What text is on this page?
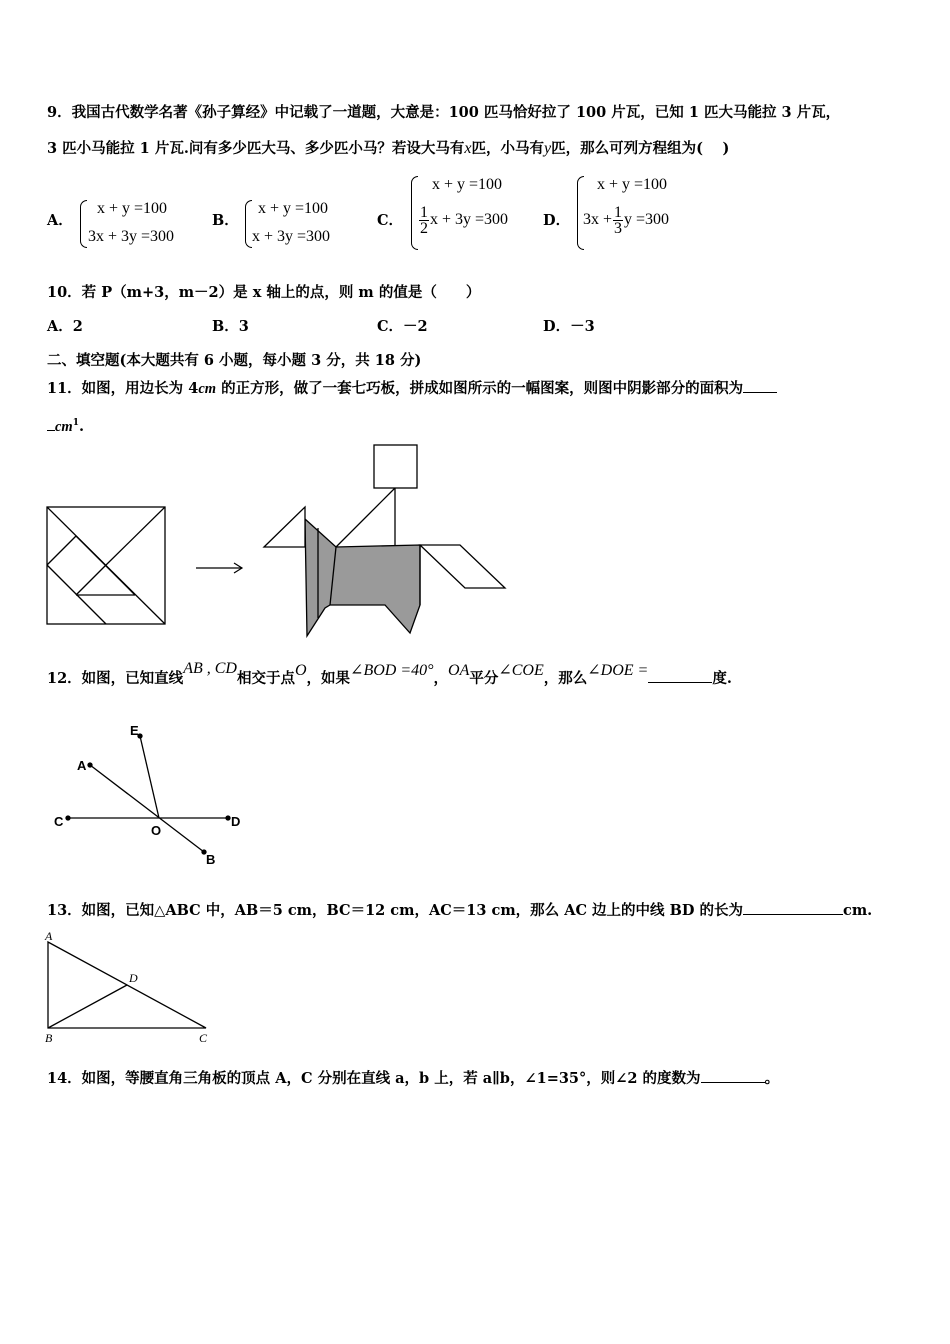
9．我国古代数学名著《孙子算经》中记载了一道题，大意是：100 匹马恰好拉了 100 片瓦，已知 1 匹大马能拉 3 片瓦，
3 匹小马能拉 1 片瓦.问有多少匹大马、多少匹小马？若设大马有x匹，小马有y匹，那么可列方程组为(　 )
A．
x + y =100
3x + 3y =300
B．
x + y =100
x + 3y =300
C．
x + y =100
$\frac{1}{2}$ x + 3y =300 D．
x + y =100
$3x + \frac{1}{3}$ y =300
10．若 P（m+3，m－2）是 x 轴上的点，则 m 的值是（　　）
A．2	B．3	C．－2	D．－3
二、填空题(本大题共有 6 小题，每小题 3 分，共 18 分)
11．如图，用边长为 4cm 的正方形，做了一套七巧板，拼成如图所示的一幅图案，则图中阴影部分的面积为
$cm^1$.
12．如图，已知直线AB , CD相交于点O，如果∠BOD =40°，OA平分∠COE，那么∠DOE =	度.
E
A
C
O
D
B
13．如图，已知△ABC 中，AB＝5 cm，BC＝12 cm，AC＝13 cm，那么 AC 边上的中线 BD 的长为	cm.
A
D
B	C
14．如图，等腰直角三角板的顶点 A，C 分别在直线 a，b 上，若 a∥b，∠1=35°，则∠2 的度数为	。
